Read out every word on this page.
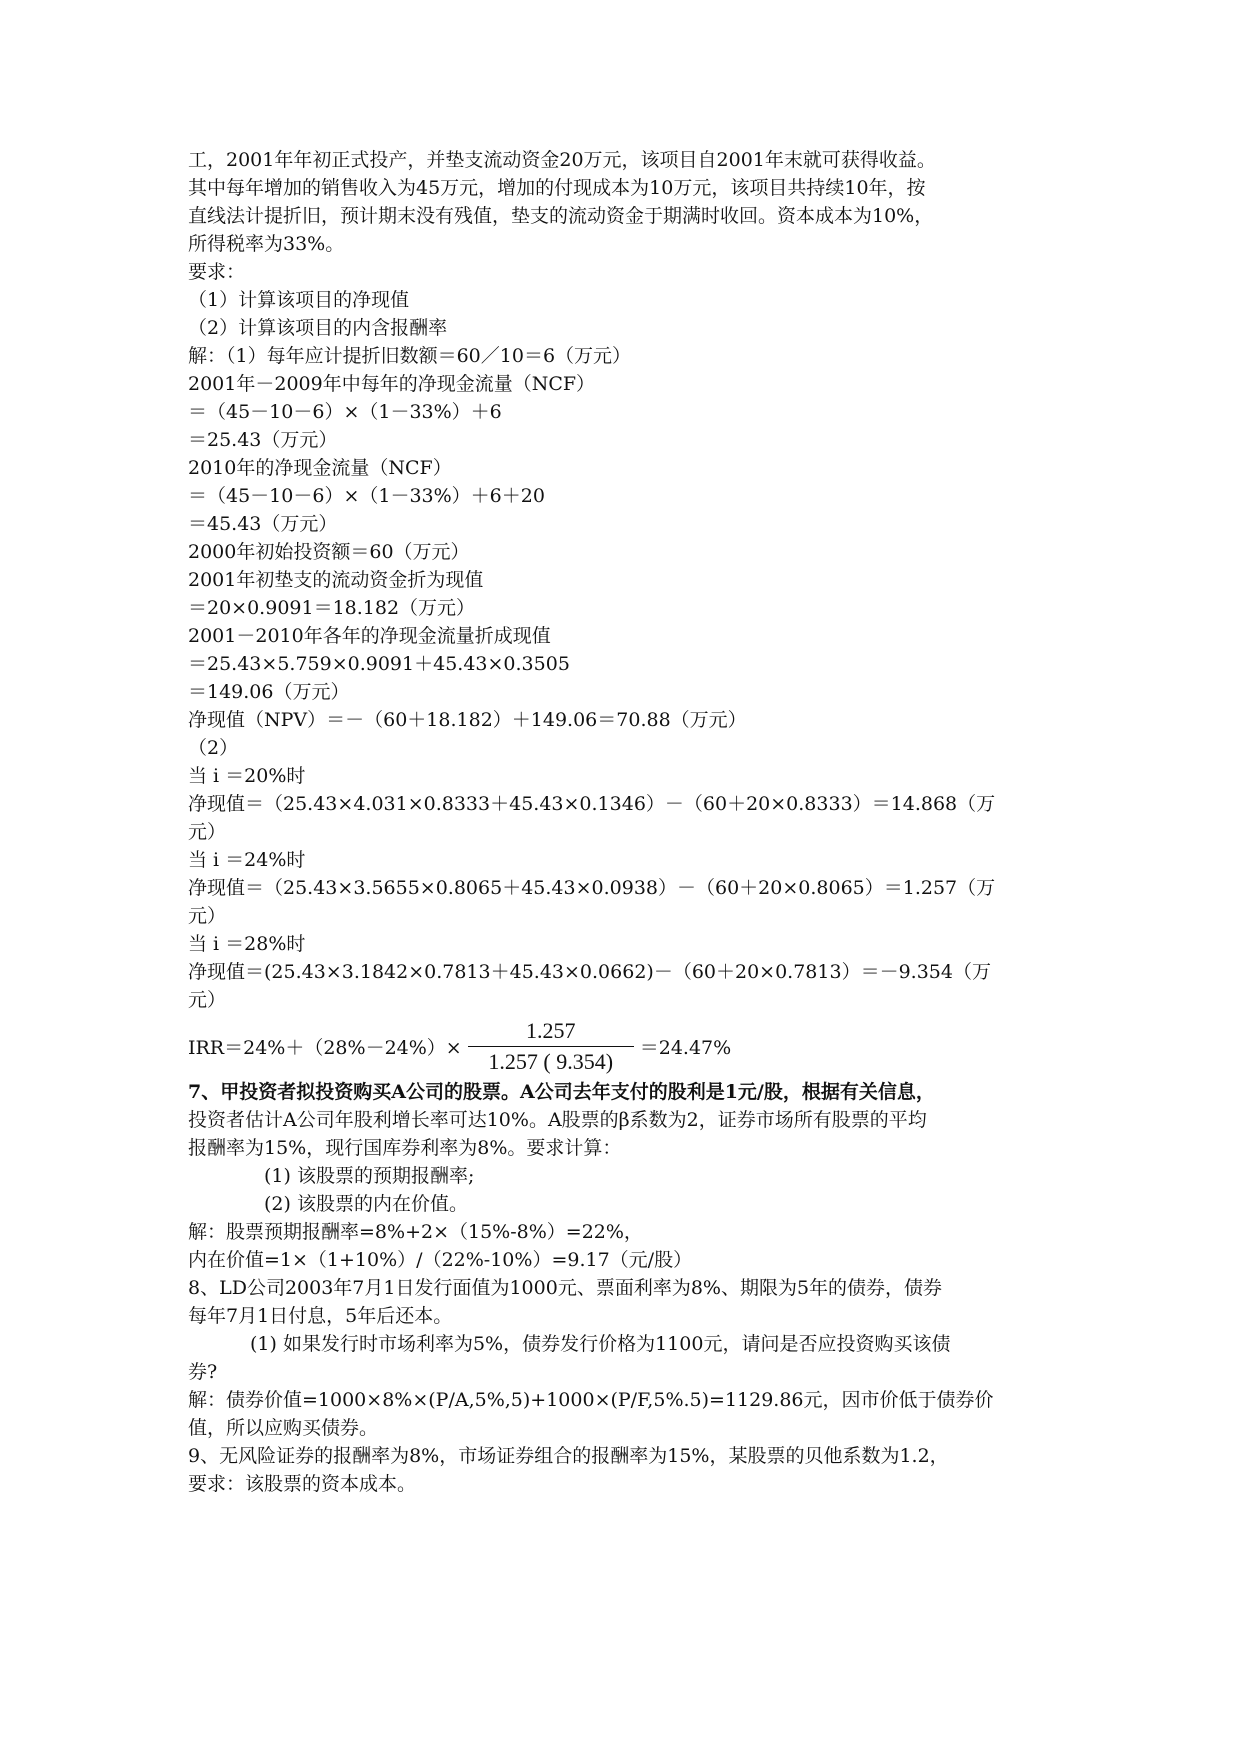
工，2001年年初正式投产，并垫支流动资金20万元，该项目自2001年末就可获得收益。
其中每年增加的销售收入为45万元，增加的付现成本为10万元，该项目共持续10年，按
直线法计提折旧，预计期末没有残值，垫支的流动资金于期满时收回。资本成本为10%，
所得税率为33%。
要求：
（1）计算该项目的净现值
（2）计算该项目的内含报酬率
解：（1）每年应计提折旧数额＝60／10＝6（万元）
2001年－2009年中每年的净现金流量（NCF）
＝（45－10－6）×（1－33%）＋6
＝25.43（万元）
2010年的净现金流量（NCF）
＝（45－10－6）×（1－33%）＋6＋20
＝45.43（万元）
2000年初始投资额＝60（万元）
2001年初垫支的流动资金折为现值
＝20×0.9091＝18.182（万元）
2001－2010年各年的净现金流量折成现值
＝25.43×5.759×0.9091＋45.43×0.3505
＝149.06（万元）
净现值（NPV）＝－（60＋18.182）＋149.06＝70.88（万元）
（2）
当 i ＝20%时
净现值＝（25.43×4.031×0.8333＋45.43×0.1346）－（60＋20×0.8333）＝14.868（万
元）
当 i ＝24%时
净现值＝（25.43×3.5655×0.8065＋45.43×0.0938）－（60＋20×0.8065）＝1.257（万
元）
当 i ＝28%时
净现值＝(25.43×3.1842×0.7813＋45.43×0.0662)－（60＋20×0.7813）＝－9.354（万
元）
$IRR=24\%+(28\%-24\%)\times \frac{1.257}{1.257 ( 9.354)} =24.47\%$
7、甲投资者拟投资购买A公司的股票。A公司去年支付的股利是1元/股，根据有关信息，
投资者估计A公司年股利增长率可达10%。A股票的β系数为2，证券市场所有股票的平均
报酬率为15%，现行国库券利率为8%。要求计算：
(1) 该股票的预期报酬率;
(2) 该股票的内在价值。
解：股票预期报酬率=8%+2×（15%-8%）=22%，
内在价值=1×（1+10%）/（22%-10%）=9.17（元/股）
8、LD公司2003年7月1日发行面值为1000元、票面利率为8%、期限为5年的债券，债券
每年7月1日付息，5年后还本。
(1) 如果发行时市场利率为5%，债券发行价格为1100元，请问是否应投资购买该债
券?
解：债券价值=1000×8%×(P/A,5%,5)+1000×(P/F,5%.5)=1129.86元，因市价低于债券价
值，所以应购买债券。
9、无风险证券的报酬率为8%，市场证券组合的报酬率为15%，某股票的贝他系数为1.2，
要求：该股票的资本成本。
